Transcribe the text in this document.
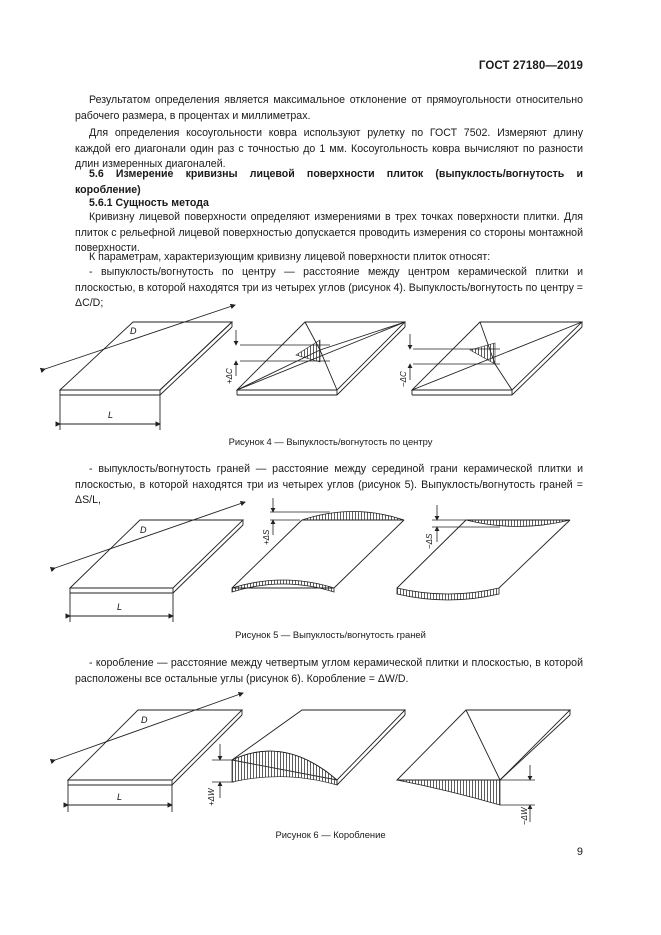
ГОСТ 27180—2019

Результатом определения является максимальное отклонение от прямоугольности относительно рабочего размера, в процентах и миллиметрах.

Для определения косоугольности ковра используют рулетку по ГОСТ 7502. Измеряют длину каждой его диагонали один раз с точностью до 1 мм. Косоугольность ковра вычисляют по разности длин измеренных диагоналей.

5.6 Измерение кривизны лицевой поверхности плиток (выпуклость/вогнутость и коробление)

5.6.1 Сущность метода

Кривизну лицевой поверхности определяют измерениями в трех точках поверхности плитки. Для плиток с рельефной лицевой поверхностью допускается проводить измерения со стороны монтажной поверхности.

К параметрам, характеризующим кривизну лицевой поверхности плиток относят:

- выпуклость/вогнутость по центру — расстояние между центром керамической плитки и плоскостью, в которой находятся три из четырех углов (рисунок 4). Выпуклость/вогнутость по центру = ΔC/D;

D
L
+ΔC	−ΔC
Рисунок 4 — Выпуклость/вогнутость по центру

- выпуклость/вогнутость граней — расстояние между серединой грани керамической плитки и плоскостью, в которой находятся три из четырех углов (рисунок 5). Выпуклость/вогнутость граней = ΔS/L,

D
L
+ΔS	−ΔS
Рисунок 5 — Выпуклость/вогнутость граней

- коробление — расстояние между четвертым углом керамической плитки и плоскостью, в которой расположены все остальные углы (рисунок 6). Коробление = ΔW/D.

D
L	+ΔW
−ΔW
Рисунок 6 — Коробление
9
